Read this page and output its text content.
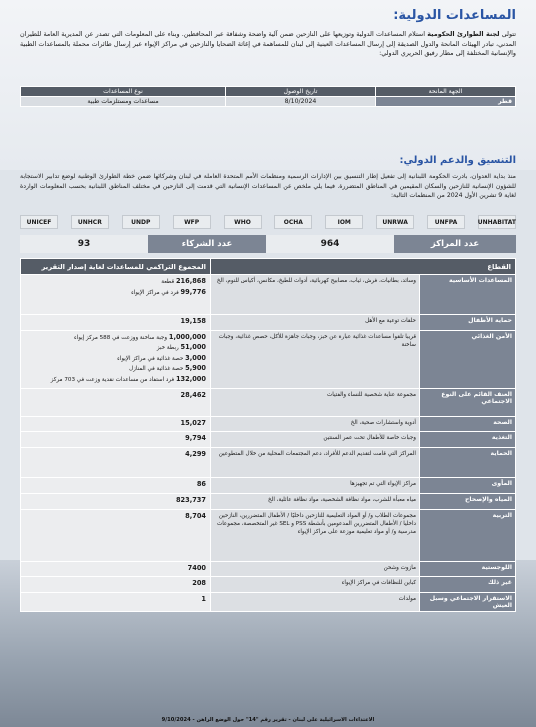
المساعدات الدولية:
تتولى لجنة الطوارئ الحكومية استلام المساعدات الدولية وتوزيعها على النازحين ضمن آلية واضحة وشفافة عبر المحافظين. وبناء على المعلومات التي تصدر عن المديرية العامة للطيران المدني، تبادر الهيئات المانحة والدول الصديقة إلى إرسال المساعدات العينية إلى لبنان للمساهمة في إغاثة الضحايا والنازحين في مراكز الإيواء عبر إرسال طائرات محملة بالمساعدات الطبية والإنسانية المختلفة إلى مطار رفيق الحريري الدولي:
الجهة المانحة	تاريخ الوصول	نوع المساعدات
قطر	8/10/2024	مساعدات ومستلزمات طبية
التنسيق والدعم الدولي:
منذ بداية العدوان، بادرت الحكومة اللبنانية إلى تفعيل إطار التنسيق بين الإدارات الرسمية ومنظمات الأمم المتحدة العاملة في لبنان وشركائها ضمن خطة الطوارئ الوطنية لوضع تدابير الاستجابة للشؤون الإنسانية للنازحين والسكان المقيمين في المناطق المتضررة. فيما يلي ملخص عن المساعدات الإنسانية التي قدمت إلى النازحين في مختلف المناطق اللبنانية بحسب المعلومات الواردة لغاية 9 تشرين الأول 2024 من المنظمات التالية:
UNHABITAT
UNFPA
UNRWA
IOM
OCHA
WHO
WFP
UNDP
UNHCR
UNICEF
93	عدد الشركاء	964	عدد المراكز
القطاع		المجموع التراكمي للمساعدات لغاية إصدار التقرير
المساعدات الأساسية	وسائد، بطانيات، فرش، ثياب، مصابيح كهربائية، أدوات للطبخ، مكانس، أكياس للنوم، الخ	216,868 قطعة
99,776 فرد في مراكز الإيواء

حماية الأطفال	حلقات توعية مع الأهل	19,158

الأمن الغذائي	قريبا تلقوا مساعدات غذائية عبارة عن خبز، وجبات جاهزة للأكل، حصص غذائية، وجبات ساخنة	1,000,000 وجبة ساخنة ووزعت في 588 مركز إيواء
51,000 ربطة خبز
3,000 حصة غذائية في مراكز الإيواء
5,900 حصة غذائية في المنازل
132,000 فرد استفاد من مساعدات نقدية وزعت في 703 مركز

العنف القائم على النوع الاجتماعي	مجموعة عناية شخصية للنساء والفتيات	28,462

الصحة	أدوية واستشارات صحية، الخ	15,027

التغذية	وجبات خاصة للأطفال تحت عمر السنتين	9,794

الحماية	المراكز التي قامت لتقديم الدعم للأفراد، دعم المجتمعات المحلية من خلال المتطوعين	4,299

المأوى	مراكز الإيواء التي تم تجهيزها	86

المياه والإصحاح	مياه معبأة للشرب، مواد نظافة الشخصية، مواد نظافة عائلية، الخ	823,737

التربية	مجموعات الطلاب و/ أو المواد التعليمية للنازحين داخليًا / الأطفال المتضررين، النازحين داخليا / الأطفال المتضررين المدعومين بأنشطة PSS و SEL غير المتخصصة، مجموعات مدرسية و/ أو مواد تعليمية موزعة على مراكز الإيواء	8,704

اللوجستية	مازوت وشحن	7400

غير ذلك	كباين للنظافات في مراكز الإيواء	208

الاستقرار الاجتماعي وسبل العيش	مولدات	1
الاعتداءات الاسرائيلية على لبنان - تقرير رقم "14" حول الوضع الراهن - 9/10/2024
